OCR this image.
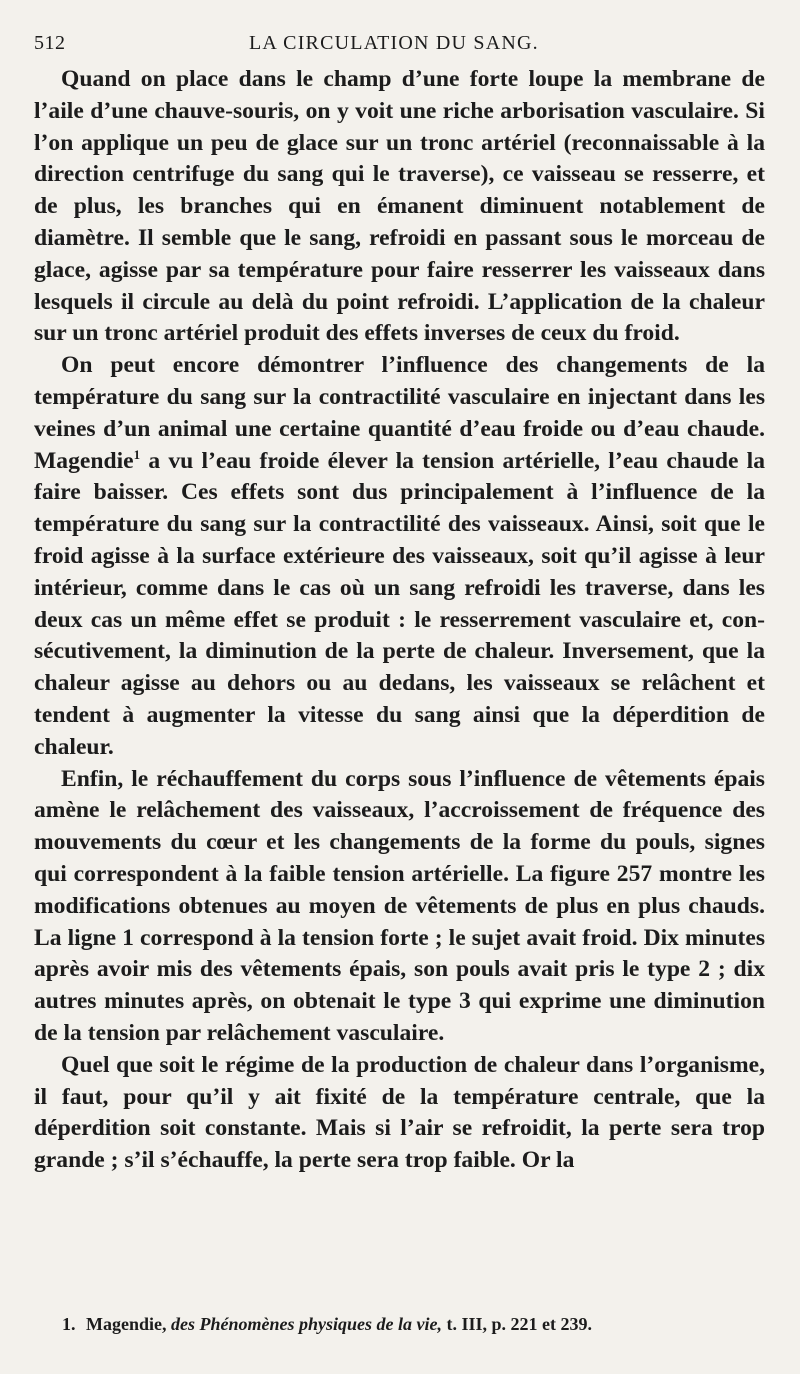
512	LA CIRCULATION DU SANG.

Quand on place dans le champ d’une forte loupe la membrane de l’aile d’une chauve-souris, on y voit une riche arborisation vasculaire. Si l’on applique un peu de glace sur un tronc artériel (reconnaissable à la direction centrifuge du sang qui le traverse), ce vaisseau se resserre, et de plus, les branches qui en émanent diminuent notablement de diamètre. Il semble que le sang, refroidi en passant sous le morceau de glace, agisse par sa température pour faire resserrer les vaisseaux dans lesquels il circule au delà du point refroidi. L’application de la chaleur sur un tronc artériel produit des effets inverses de ceux du froid.

On peut encore démontrer l’influence des changements de la température du sang sur la contractilité vasculaire en injectant dans les veines d’un animal une certaine quantité d’eau froide ou d’eau chaude. Magendie$^1$ a vu l’eau froide élever la tension artérielle, l’eau chaude la faire baisser. Ces effets sont dus principalement à l’influence de la température du sang sur la contractilité des vaisseaux. Ainsi, soit que le froid agisse à la surface extérieure des vaisseaux, soit qu’il agisse à leur intérieur, comme dans le cas où un sang refroidi les traverse, dans les deux cas un même effet se produit : le resserrement vasculaire et, consécutivement, la diminution de la perte de chaleur. Inversement, que la chaleur agisse au dehors ou au dedans, les vaisseaux se relâchent et tendent à augmenter la vitesse du sang ainsi que la déperdition de chaleur.

Enfin, le réchauffement du corps sous l’influence de vêtements épais amène le relâchement des vaisseaux, l’accroissement de fréquence des mouvements du cœur et les changements de la forme du pouls, signes qui correspondent à la faible tension artérielle. La figure 257 montre les modifications obtenues au moyen de vêtements de plus en plus chauds. La ligne 1 correspond à la tension forte ; le sujet avait froid. Dix minutes après avoir mis des vêtements épais, son pouls avait pris le type 2 ; dix autres minutes après, on obtenait le type 3 qui exprime une diminution de la tension par relâchement vasculaire.

Quel que soit le régime de la production de chaleur dans l’organisme, il faut, pour qu’il y ait fixité de la température centrale, que la déperdition soit constante. Mais si l’air se refroidit, la perte sera trop grande ; s’il s’échauffe, la perte sera trop faible. Or la

1. Magendie, des Phénomènes physiques de la vie, t. III, p. 221 et 239.
